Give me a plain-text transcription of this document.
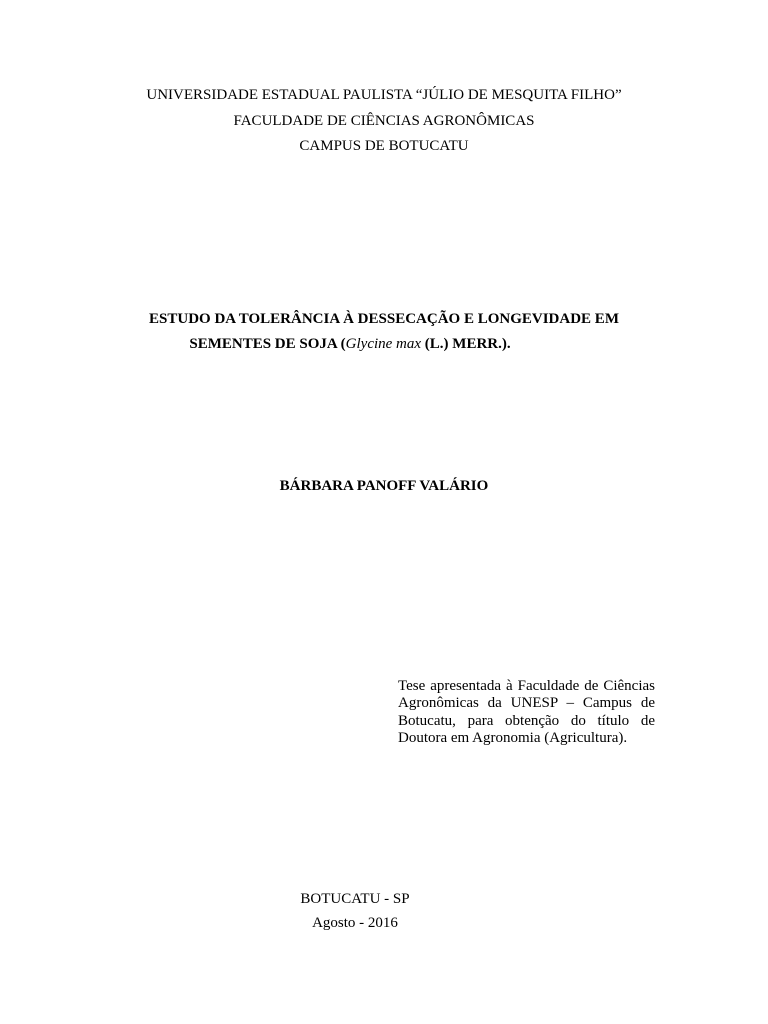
UNIVERSIDADE ESTADUAL PAULISTA “JÚLIO DE MESQUITA FILHO”
FACULDADE DE CIÊNCIAS AGRONÔMICAS
CAMPUS DE BOTUCATU
ESTUDO DA TOLERÂNCIA À DESSECAÇÃO E LONGEVIDADE EM
SEMENTES DE SOJA (Glycine max (L.) MERR.).
BÁRBARA PANOFF VALÁRIO
Tese apresentada à Faculdade de Ciências Agronômicas da UNESP – Campus de Botucatu, para obtenção do título de Doutora em Agronomia (Agricultura).
BOTUCATU - SP
Agosto - 2016
